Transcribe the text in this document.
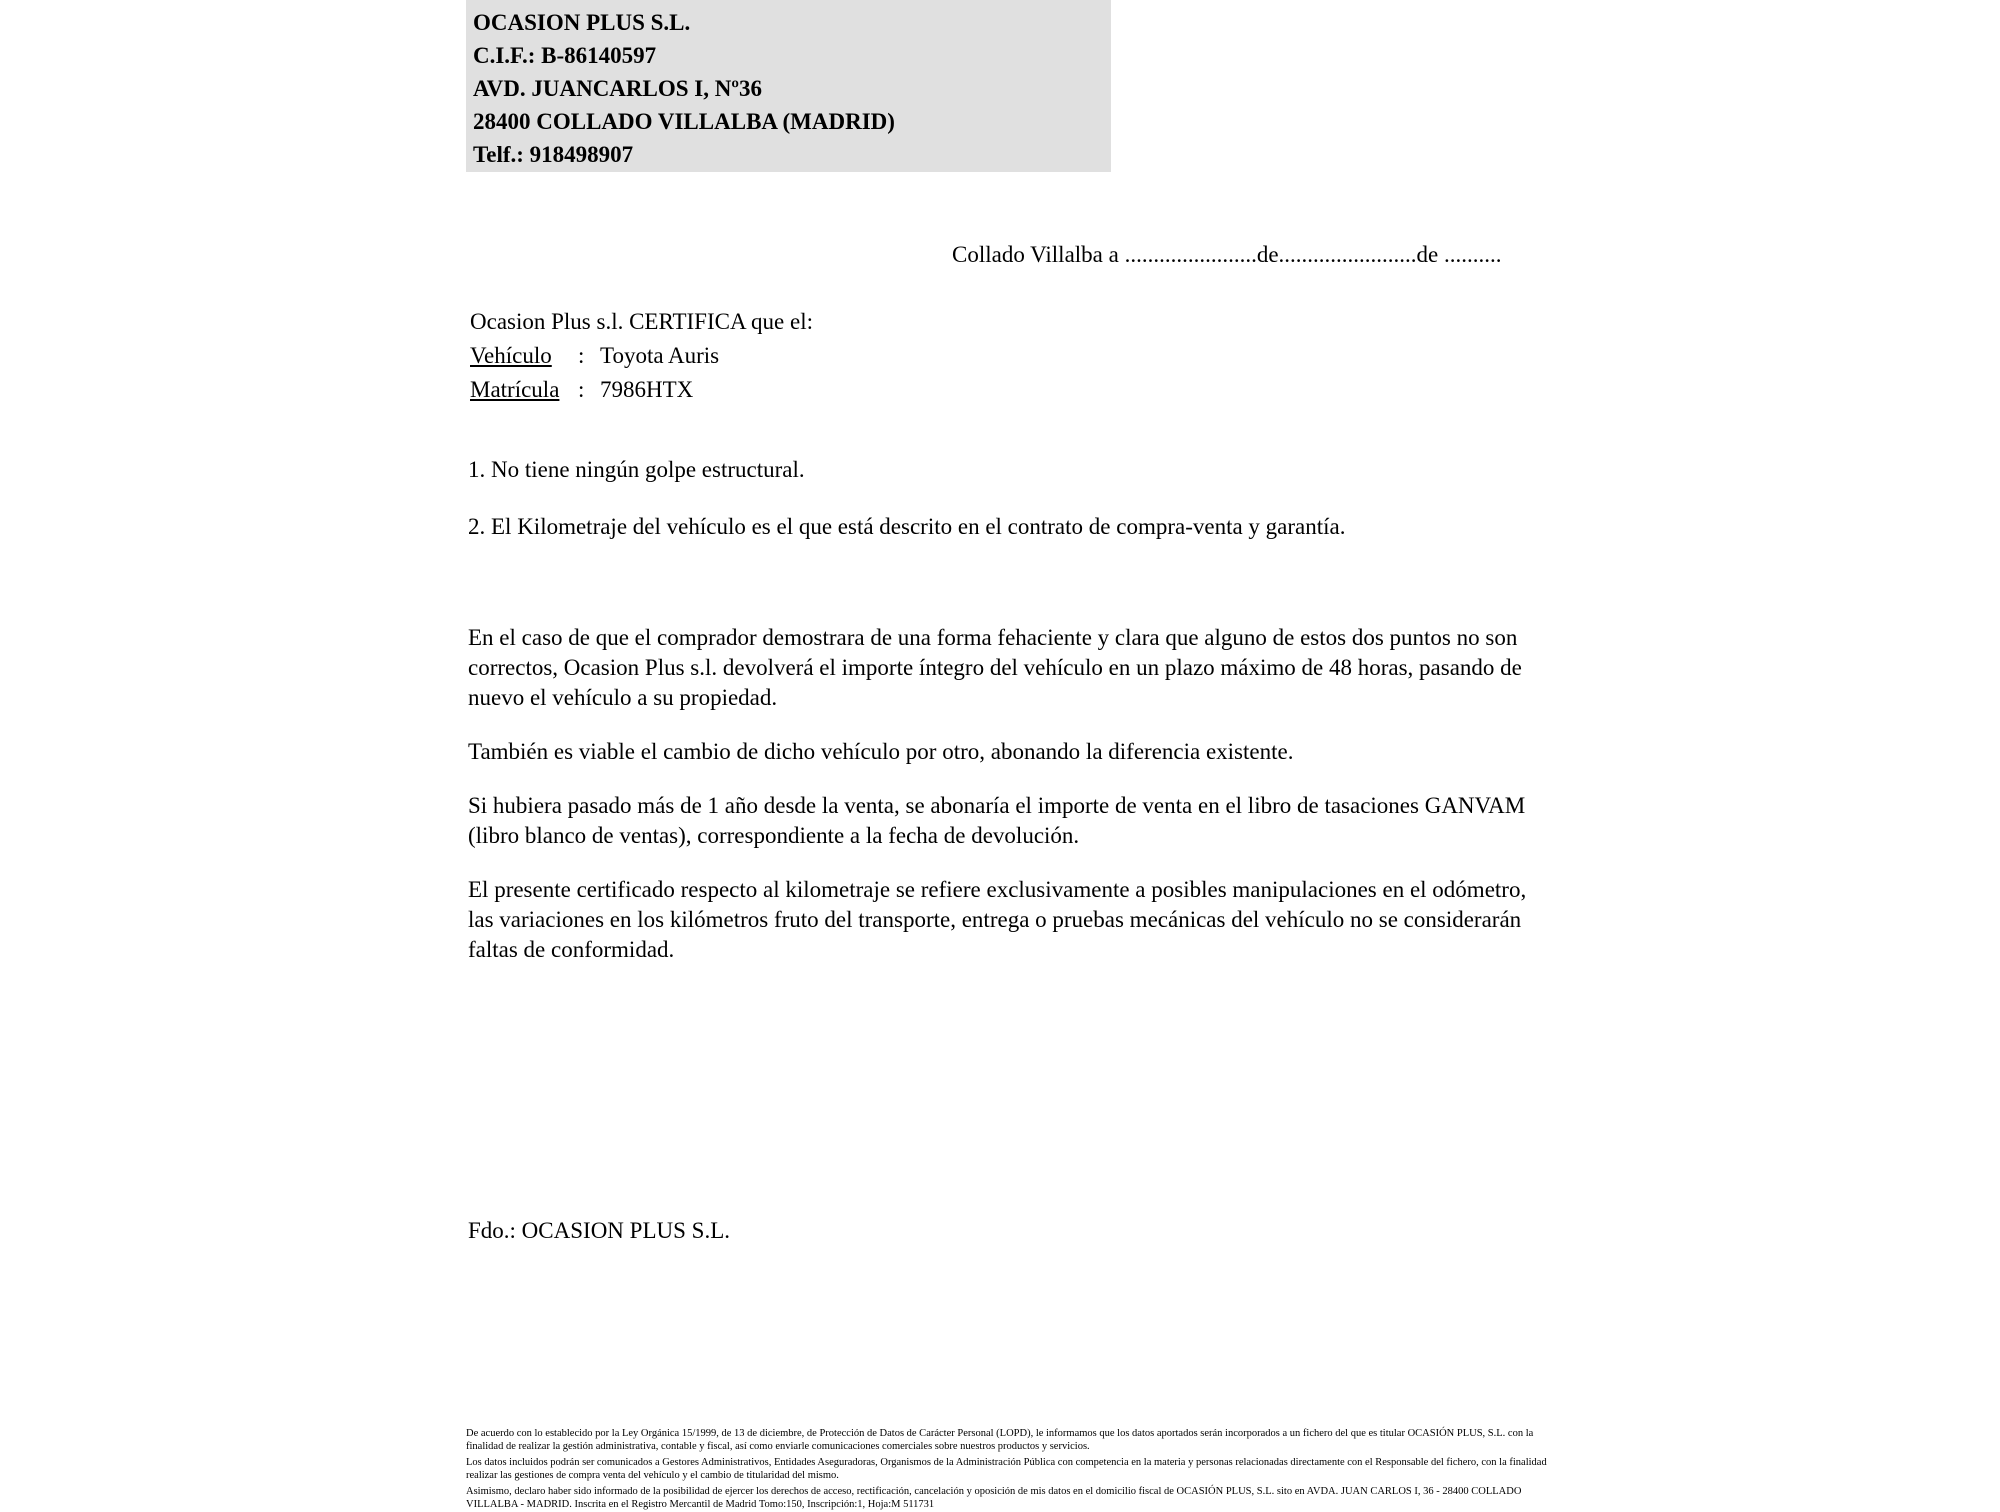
OCASION PLUS S.L.
C.I.F.: B-86140597
AVD. JUANCARLOS I, Nº36
28400 COLLADO VILLALBA (MADRID)
Telf.: 918498907
Collado Villalba a .......................de........................de ..........
Ocasion Plus s.l. CERTIFICA que el:
Vehículo	: Toyota Auris
Matrícula : 7986HTX
1. No tiene ningún golpe estructural.
2. El Kilometraje del vehículo es el que está descrito en el contrato de compra-venta y garantía.

En el caso de que el comprador demostrara de una forma fehaciente y clara que alguno de estos dos puntos no son correctos, Ocasion Plus s.l. devolverá el importe íntegro del vehículo en un plazo máximo de 48 horas, pasando de nuevo el vehículo a su propiedad.

También es viable el cambio de dicho vehículo por otro, abonando la diferencia existente.

Si hubiera pasado más de 1 año desde la venta, se abonaría el importe de venta en el libro de tasaciones GANVAM (libro blanco de ventas), correspondiente a la fecha de devolución.

El presente certificado respecto al kilometraje se refiere exclusivamente a posibles manipulaciones en el odómetro, las variaciones en los kilómetros fruto del transporte, entrega o pruebas mecánicas del vehículo no se considerarán faltas de conformidad.

Fdo.: OCASION PLUS S.L.

De acuerdo con lo establecido por la Ley Orgánica 15/1999, de 13 de diciembre, de Protección de Datos de Carácter Personal (LOPD), le informamos que los datos aportados serán incorporados a un fichero del que es titular OCASIÓN PLUS, S.L. con la finalidad de realizar la gestión administrativa, contable y fiscal, así como enviarle comunicaciones comerciales sobre nuestros productos y servicios.

Los datos incluidos podrán ser comunicados a Gestores Administrativos, Entidades Aseguradoras, Organismos de la Administración Pública con competencia en la materia y personas relacionadas directamente con el Responsable del fichero, con la finalidad realizar las gestiones de compra venta del vehículo y el cambio de titularidad del mismo.

Asimismo, declaro haber sido informado de la posibilidad de ejercer los derechos de acceso, rectificación, cancelación y oposición de mis datos en el domicilio fiscal de OCASIÓN PLUS, S.L. sito en AVDA. JUAN CARLOS I, 36 - 28400 COLLADO VILLALBA - MADRID. Inscrita en el Registro Mercantil de Madrid Tomo:150, Inscripción:1, Hoja:M 511731
